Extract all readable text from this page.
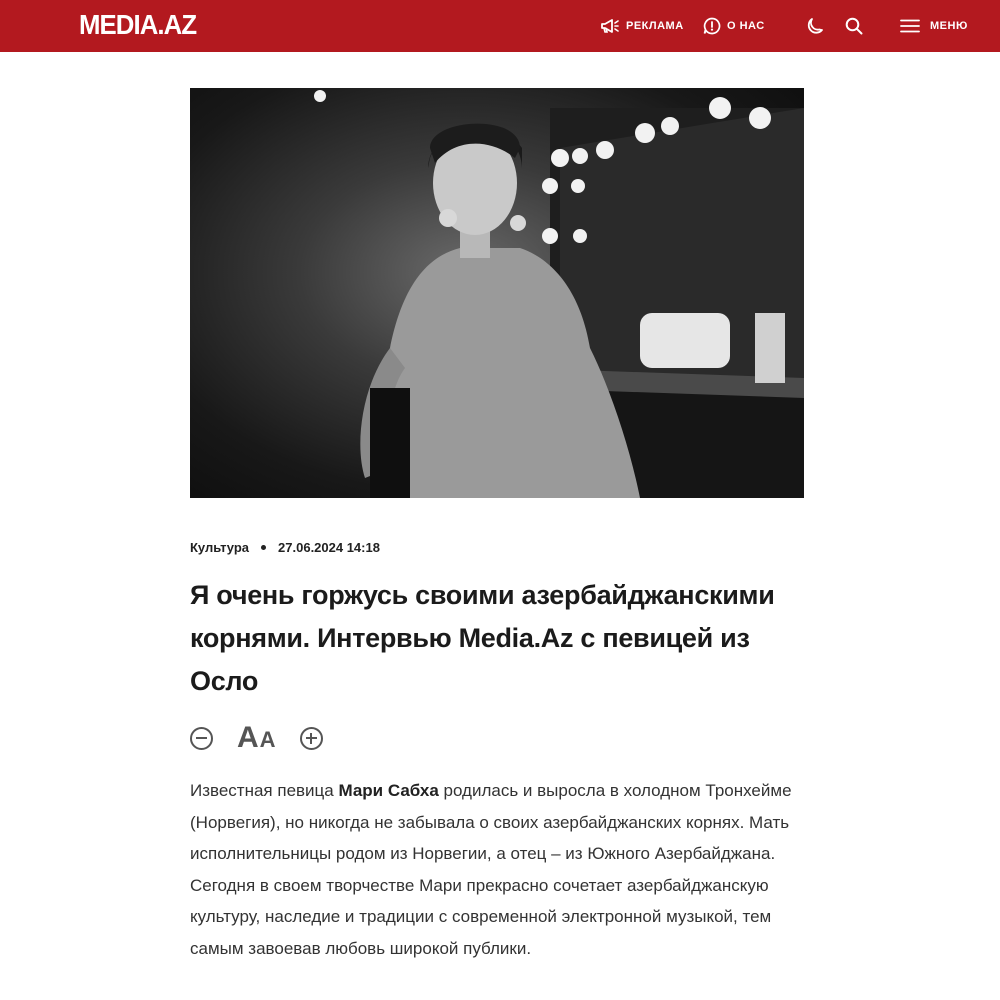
MEDIA.AZ	РЕКЛАМА	О НАС	МЕНЮ
Культура 27.06.2024 14:18
Я очень горжусь своими азербайджанскими корнями. Интервью Media.Az с певицей из Осло
AA

Известная певица Мари Сабха родилась и выросла в холодном Тронхейме (Норвегия), но никогда не забывала о своих азербайджанских корнях. Мать исполнительницы родом из Норвегии, а отец – из Южного Азербайджана. Сегодня в своем творчестве Мари прекрасно сочетает азербайджанскую культуру, наследие и традиции с современной электронной музыкой, тем самым завоевав любовь широкой публики.
